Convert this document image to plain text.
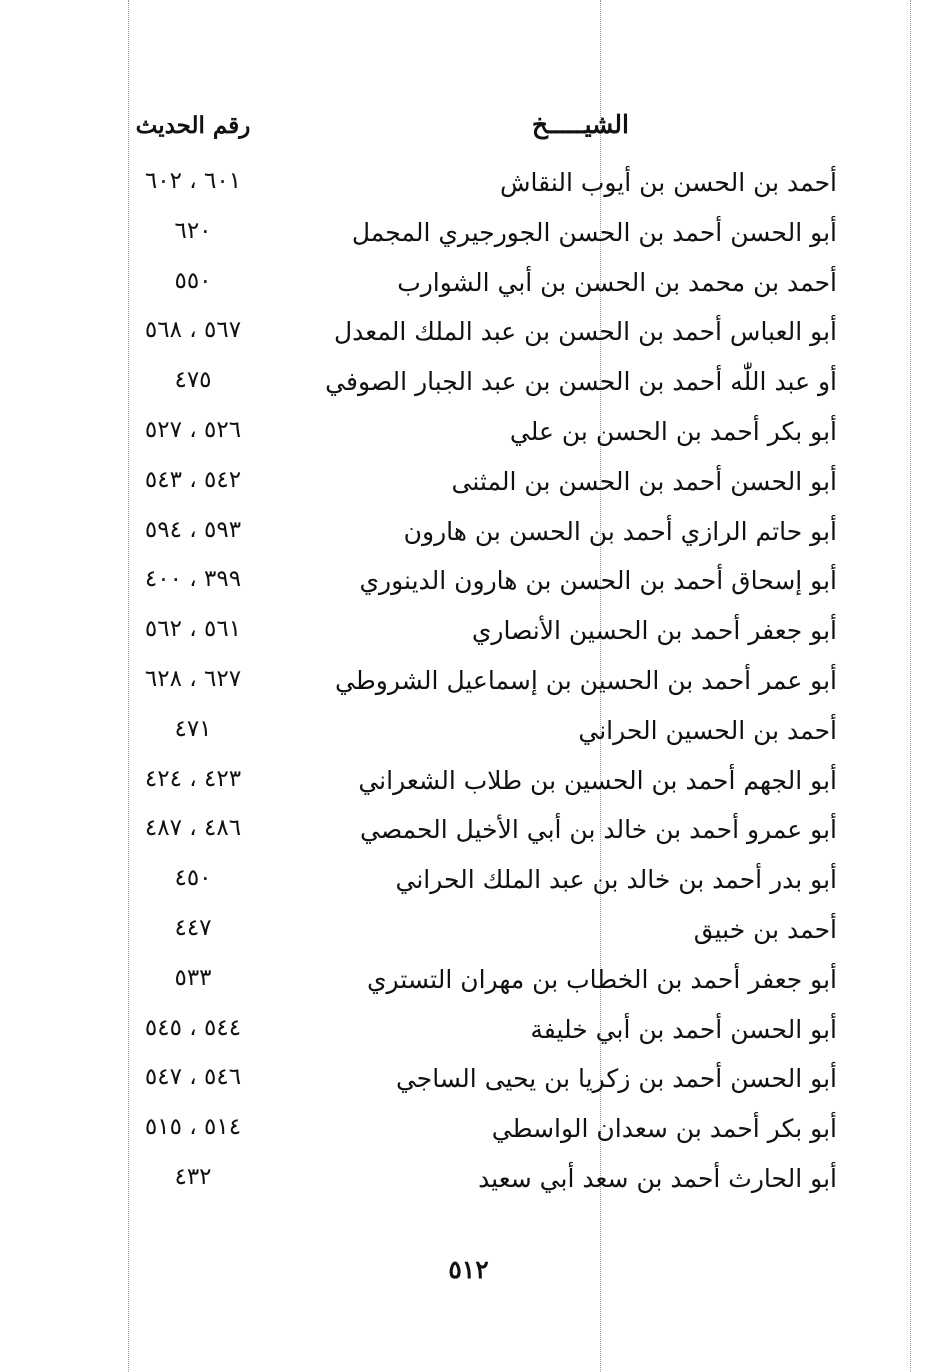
الشيـــــخ
رقم الحديث
أحمد بن الحسن بن أيوب النقاش
٦٠١ ، ٦٠٢
أبو الحسن أحمد بن الحسن الجورجيري المجمل
٦٢٠
أحمد بن محمد بن الحسن بن أبي الشوارب
٥٥٠
أبو العباس أحمد بن الحسن بن عبد الملك المعدل
٥٦٧ ، ٥٦٨
أو عبد اللّٰه أحمد بن الحسن بن عبد الجبار الصوفي
٤٧٥
أبو بكر أحمد بن الحسن بن علي
٥٢٦ ، ٥٢٧
أبو الحسن أحمد بن الحسن بن المثنى
٥٤٢ ، ٥٤٣
أبو حاتم الرازي أحمد بن الحسن بن هارون
٥٩٣ ، ٥٩٤
أبو إسحاق أحمد بن الحسن بن هارون الدينوري
٣٩٩ ، ٤٠٠
أبو جعفر أحمد بن الحسين الأنصاري
٥٦١ ، ٥٦٢
أبو عمر أحمد بن الحسين بن إسماعيل الشروطي
٦٢٧ ، ٦٢٨
أحمد بن الحسين الحراني
٤٧١
أبو الجهم أحمد بن الحسين بن طلاب الشعراني
٤٢٣ ، ٤٢٤
أبو عمرو أحمد بن خالد بن أبي الأخيل الحمصي
٤٨٦ ، ٤٨٧
أبو بدر أحمد بن خالد بن عبد الملك الحراني
٤٥٠
أحمد بن خبيق
٤٤٧
أبو جعفر أحمد بن الخطاب بن مهران التستري
٥٣٣
أبو الحسن أحمد بن أبي خليفة
٥٤٤ ، ٥٤٥
أبو الحسن أحمد بن زكريا بن يحيى الساجي
٥٤٦ ، ٥٤٧
أبو بكر أحمد بن سعدان الواسطي
٥١٤ ، ٥١٥
أبو الحارث أحمد بن سعد أبي سعيد
٤٣٢
٥١٢
